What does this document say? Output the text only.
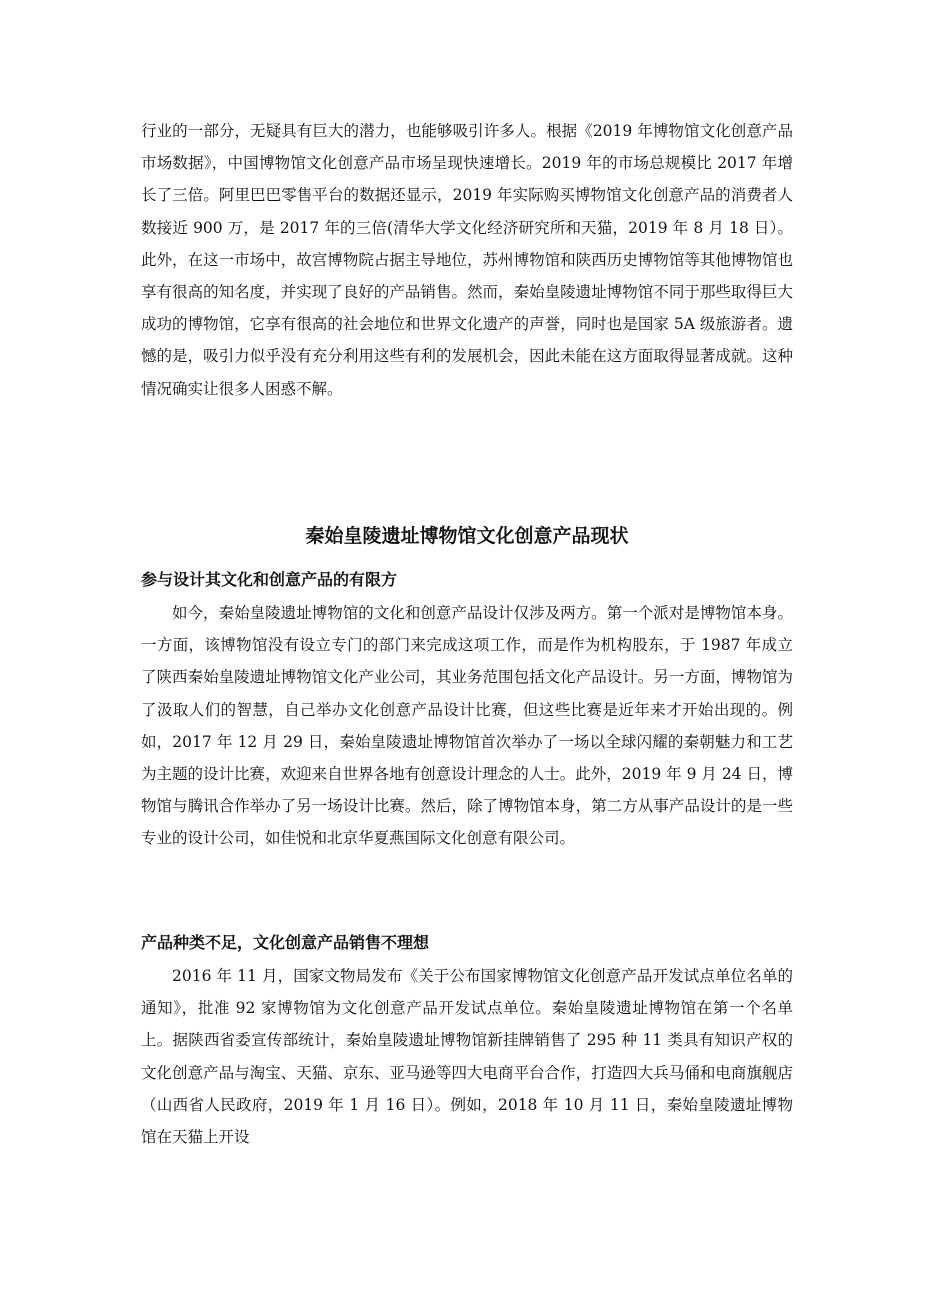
行业的一部分，无疑具有巨大的潜力，也能够吸引许多人。根据《2019 年博物馆文化创意产品市场数据》，中国博物馆文化创意产品市场呈现快速增长。2019 年的市场总规模比 2017 年增长了三倍。阿里巴巴零售平台的数据还显示，2019 年实际购买博物馆文化创意产品的消费者人数接近 900 万，是 2017 年的三倍(清华大学文化经济研究所和天猫，2019 年 8 月 18 日）。此外，在这一市场中，故宫博物院占据主导地位，苏州博物馆和陕西历史博物馆等其他博物馆也享有很高的知名度，并实现了良好的产品销售。然而，秦始皇陵遗址博物馆不同于那些取得巨大成功的博物馆，它享有很高的社会地位和世界文化遗产的声誉，同时也是国家 5A 级旅游者。遗憾的是，吸引力似乎没有充分利用这些有利的发展机会，因此未能在这方面取得显著成就。这种情况确实让很多人困惑不解。

秦始皇陵遗址博物馆文化创意产品现状
参与设计其文化和创意产品的有限方

如今，秦始皇陵遗址博物馆的文化和创意产品设计仅涉及两方。第一个派对是博物馆本身。一方面，该博物馆没有设立专门的部门来完成这项工作，而是作为机构股东，于 1987 年成立了陕西秦始皇陵遗址博物馆文化产业公司，其业务范围包括文化产品设计。另一方面，博物馆为了汲取人们的智慧，自己举办文化创意产品设计比赛，但这些比赛是近年来才开始出现的。例如，2017 年 12 月 29 日，秦始皇陵遗址博物馆首次举办了一场以全球闪耀的秦朝魅力和工艺为主题的设计比赛，欢迎来自世界各地有创意设计理念的人士。此外，2019 年 9 月 24 日，博物馆与腾讯合作举办了另一场设计比赛。然后，除了博物馆本身，第二方从事产品设计的是一些专业的设计公司，如佳悦和北京华夏燕国际文化创意有限公司。

产品种类不足，文化创意产品销售不理想

2016 年 11 月，国家文物局发布《关于公布国家博物馆文化创意产品开发试点单位名单的通知》，批准 92 家博物馆为文化创意产品开发试点单位。秦始皇陵遗址博物馆在第一个名单上。据陕西省委宣传部统计，秦始皇陵遗址博物馆新挂牌销售了 295 种 11 类具有知识产权的文化创意产品与淘宝、天猫、京东、亚马逊等四大电商平台合作，打造四大兵马俑和电商旗舰店（山西省人民政府，2019 年 1 月 16 日）。例如，2018 年 10 月 11 日，秦始皇陵遗址博物馆在天猫上开设
